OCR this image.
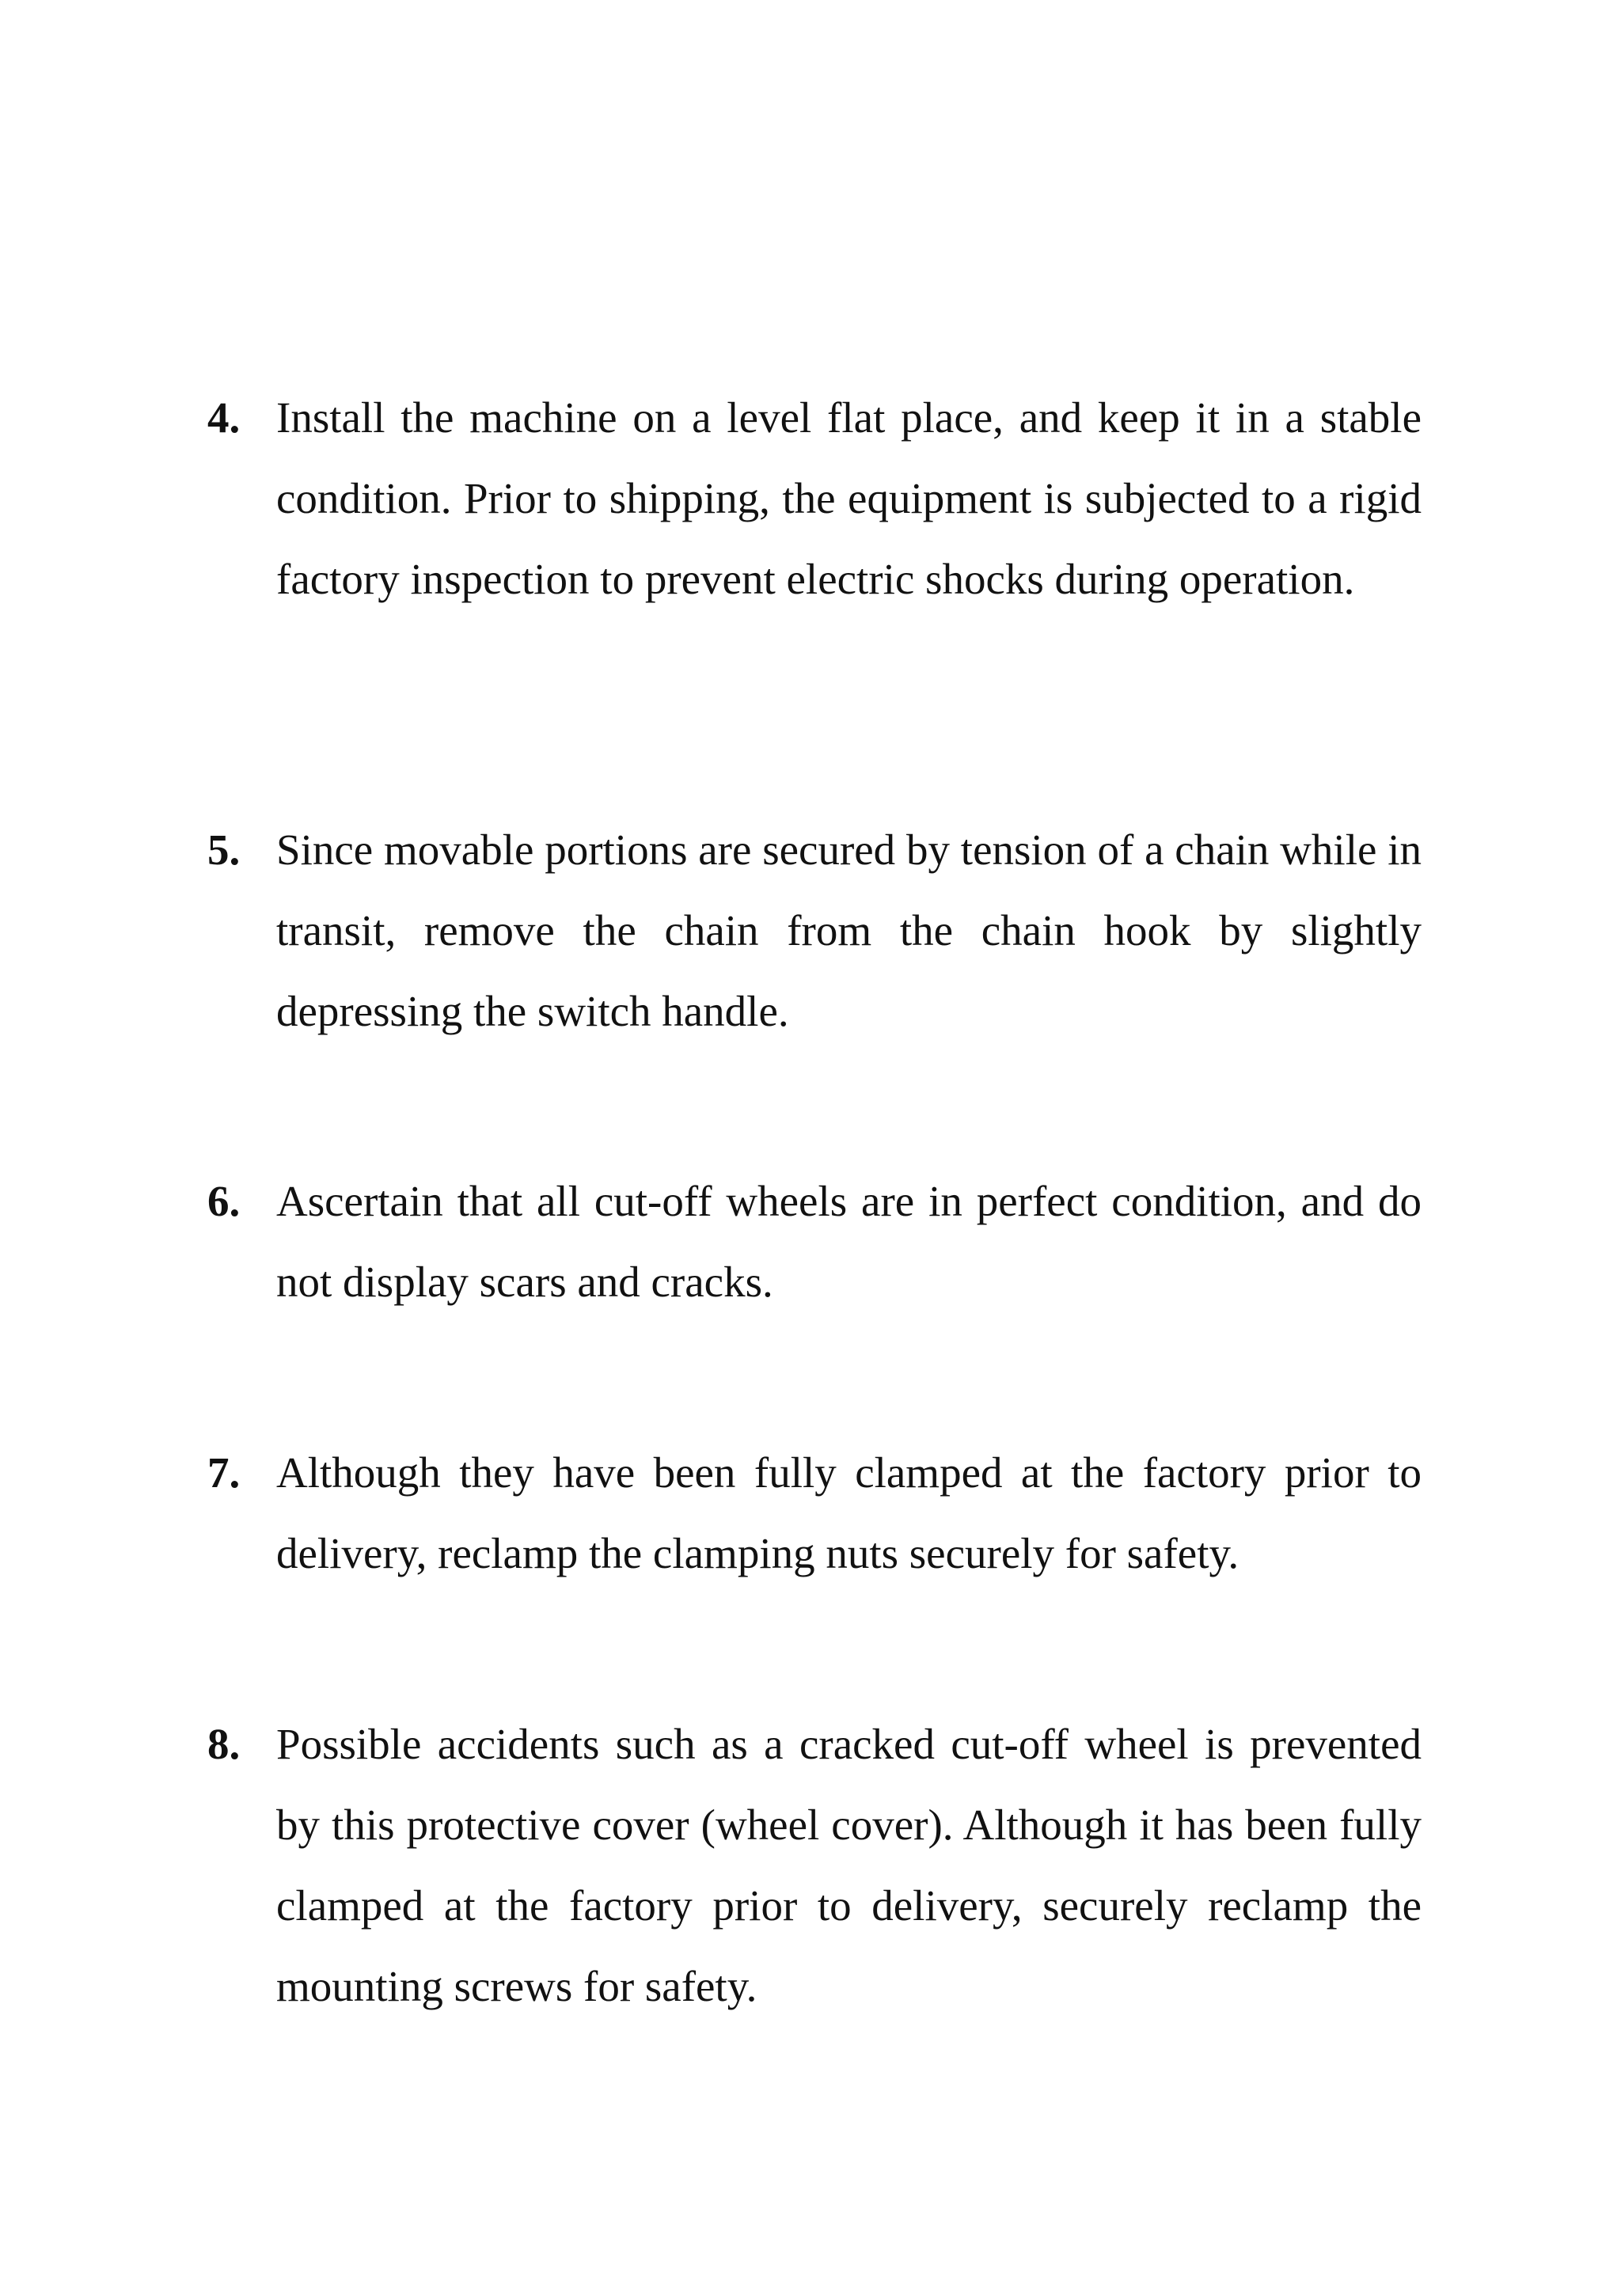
4. Install the machine on a level flat place, and keep it in a stable condition. Prior to shipping, the equipment is subjected to a rigid factory inspection to prevent electric shocks during operation.

5. Since movable portions are secured by tension of a chain while in transit, remove the chain from the chain hook by slightly depressing the switch handle.

6. Ascertain that all cut-off wheels are in perfect condition, and do not display scars and cracks.

7. Although they have been fully clamped at the factory prior to delivery, reclamp the clamping nuts securely for safety.

8. Possible accidents such as a cracked cut-off wheel is prevented by this protective cover (wheel cover). Although it has been fully clamped at the factory prior to delivery, securely reclamp the mounting screws for safety.
